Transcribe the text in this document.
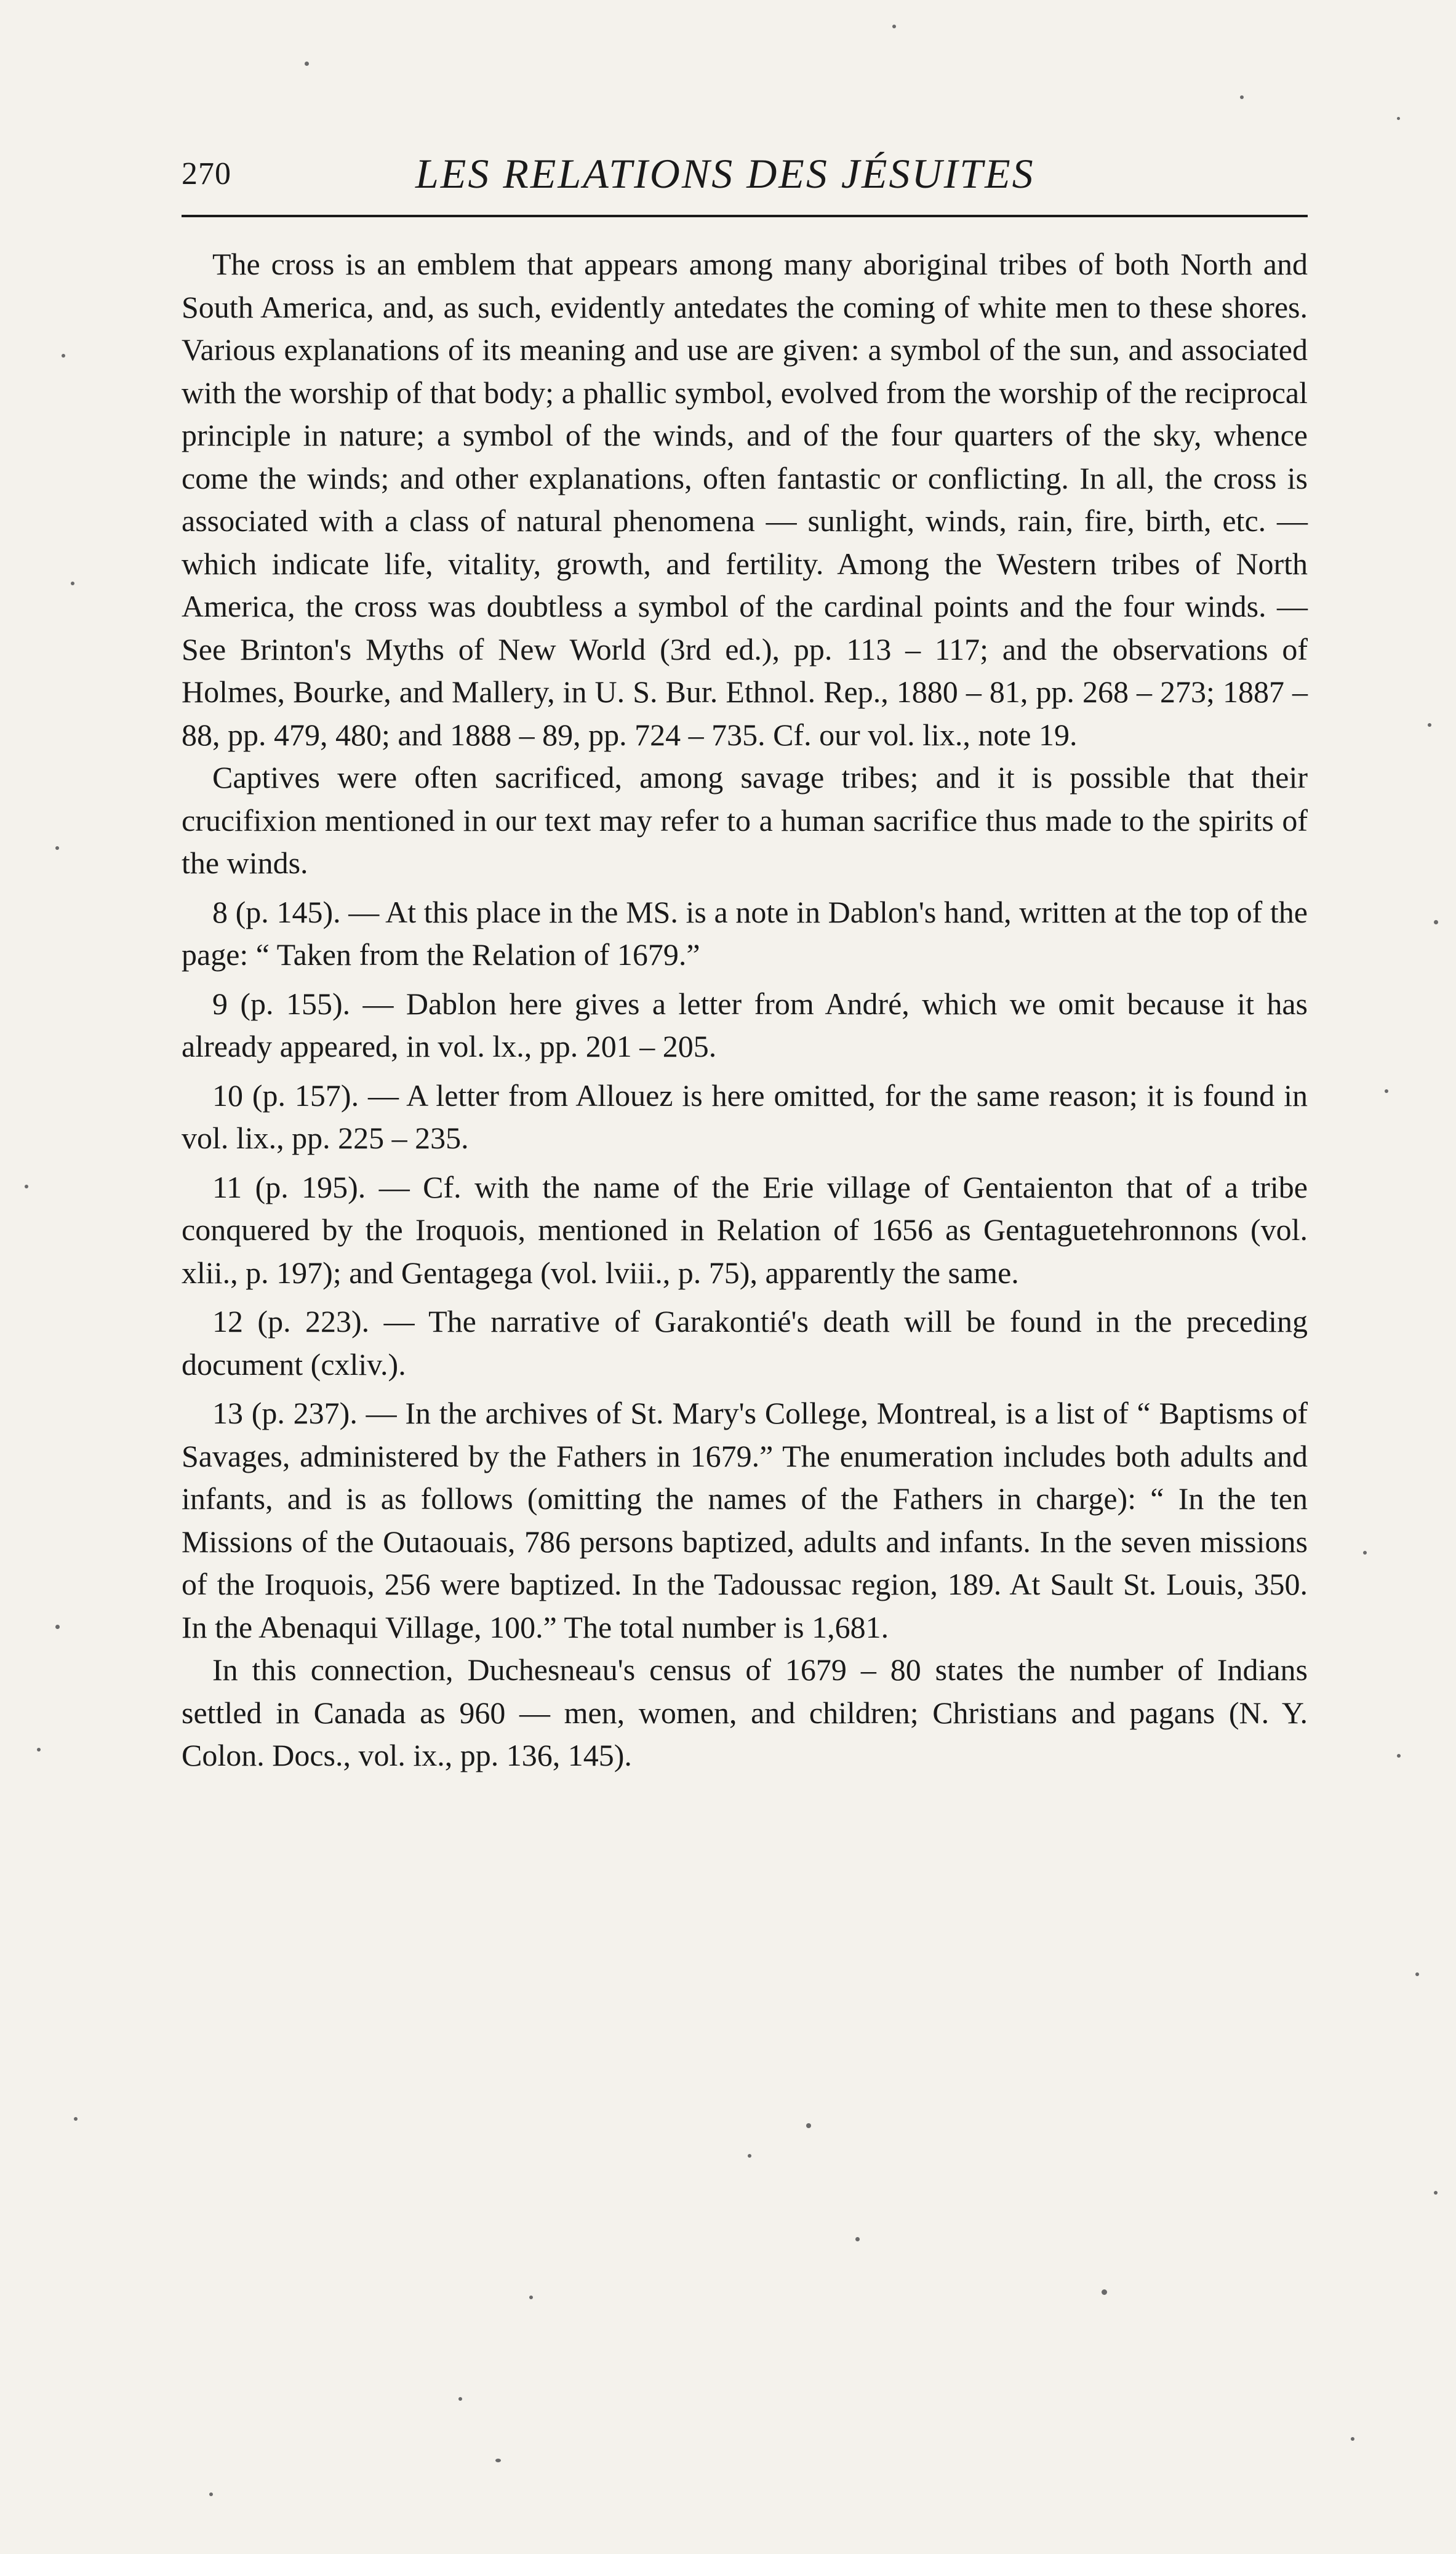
270	LES RELATIONS DES JÉSUITES

The cross is an emblem that appears among many aboriginal tribes of both North and South America, and, as such, evidently antedates the coming of white men to these shores. Various explanations of its meaning and use are given: a symbol of the sun, and associated with the worship of that body; a phallic symbol, evolved from the worship of the reciprocal principle in nature; a symbol of the winds, and of the four quarters of the sky, whence come the winds; and other explanations, often fantastic or conflicting. In all, the cross is associated with a class of natural phenomena — sunlight, winds, rain, fire, birth, etc. — which indicate life, vitality, growth, and fertility. Among the Western tribes of North America, the cross was doubtless a symbol of the cardinal points and the four winds. — See Brinton's Myths of New World (3rd ed.), pp. 113 – 117; and the observations of Holmes, Bourke, and Mallery, in U. S. Bur. Ethnol. Rep., 1880 – 81, pp. 268 – 273; 1887 – 88, pp. 479, 480; and 1888 – 89, pp. 724 – 735. Cf. our vol. lix., note 19.

Captives were often sacrificed, among savage tribes; and it is possible that their crucifixion mentioned in our text may refer to a human sacrifice thus made to the spirits of the winds.

8 (p. 145). — At this place in the MS. is a note in Dablon's hand, written at the top of the page: “ Taken from the Relation of 1679.”

9 (p. 155). — Dablon here gives a letter from André, which we omit because it has already appeared, in vol. lx., pp. 201 – 205.

10 (p. 157). — A letter from Allouez is here omitted, for the same reason; it is found in vol. lix., pp. 225 – 235.

11 (p. 195). — Cf. with the name of the Erie village of Gentaienton that of a tribe conquered by the Iroquois, mentioned in Relation of 1656 as Gentaguetehronnons (vol. xlii., p. 197); and Gentagega (vol. lviii., p. 75), apparently the same.

12 (p. 223). — The narrative of Garakontié's death will be found in the preceding document (cxliv.).

13 (p. 237). — In the archives of St. Mary's College, Montreal, is a list of “ Baptisms of Savages, administered by the Fathers in 1679.” The enumeration includes both adults and infants, and is as follows (omitting the names of the Fathers in charge): “ In the ten Missions of the Outaouais, 786 persons baptized, adults and infants. In the seven missions of the Iroquois, 256 were baptized. In the Tadoussac region, 189. At Sault St. Louis, 350. In the Abenaqui Village, 100.” The total number is 1,681.

In this connection, Duchesneau's census of 1679 – 80 states the number of Indians settled in Canada as 960 — men, women, and children; Christians and pagans (N. Y. Colon. Docs., vol. ix., pp. 136, 145).
